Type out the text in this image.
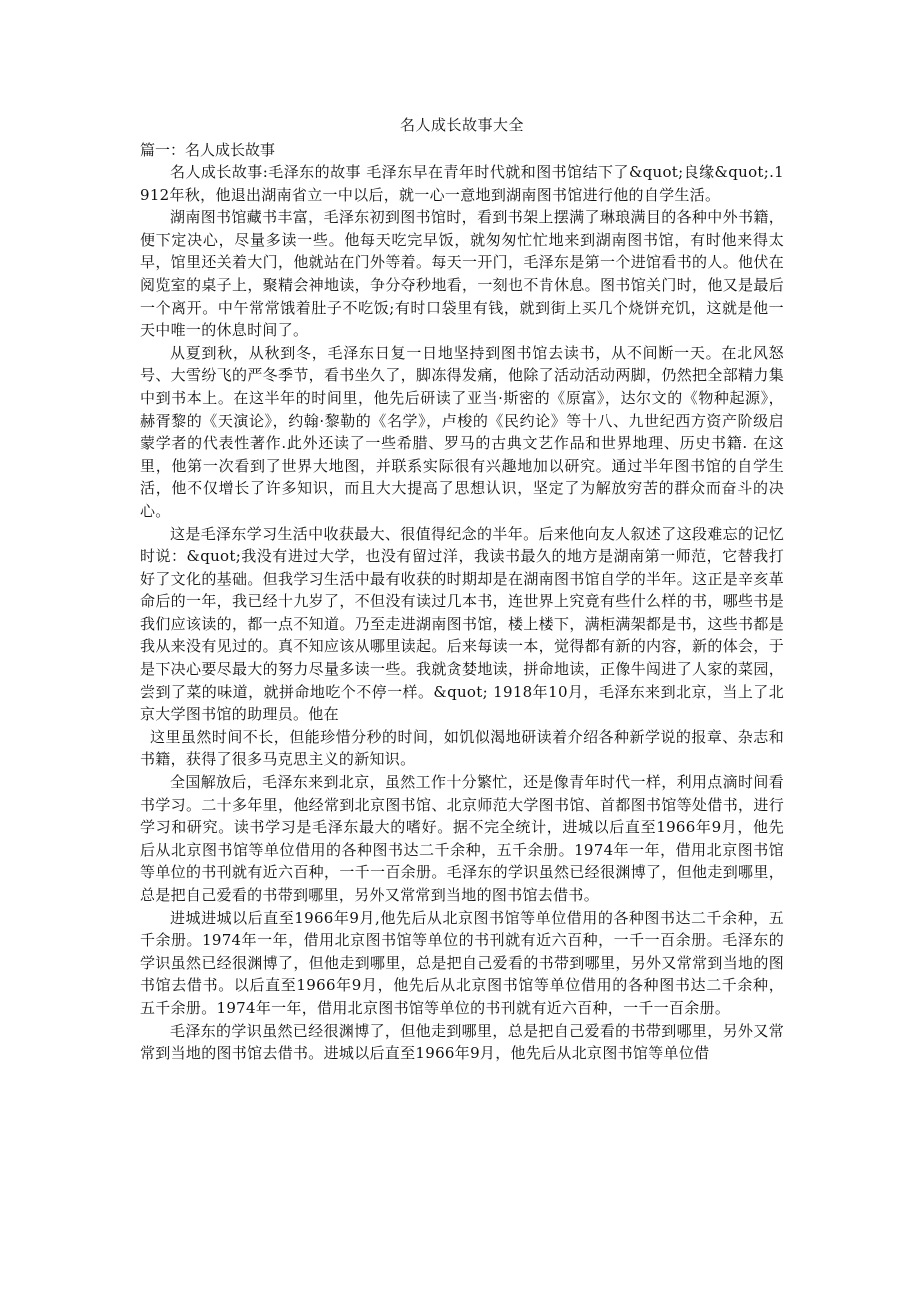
名人成长故事大全
篇一：名人成长故事

名人成长故事:毛泽东的故事 毛泽东早在青年时代就和图书馆结下了&quot;良缘&quot;.1912年秋，他退出湖南省立一中以后，就一心一意地到湖南图书馆进行他的自学生活。

湖南图书馆藏书丰富，毛泽东初到图书馆时，看到书架上摆满了琳琅满目的各种中外书籍，便下定决心，尽量多读一些。他每天吃完早饭，就匆匆忙忙地来到湖南图书馆，有时他来得太早，馆里还关着大门，他就站在门外等着。每天一开门，毛泽东是第一个进馆看书的人。他伏在阅览室的桌子上，聚精会神地读，争分夺秒地看，一刻也不肯休息。图书馆关门时，他又是最后一个离开。中午常常饿着肚子不吃饭;有时口袋里有钱，就到街上买几个烧饼充饥，这就是他一天中唯一的休息时间了。

从夏到秋，从秋到冬，毛泽东日复一日地坚持到图书馆去读书，从不间断一天。在北风怒号、大雪纷飞的严冬季节，看书坐久了，脚冻得发痛，他除了活动活动两脚，仍然把全部精力集中到书本上。在这半年的时间里，他先后研读了亚当·斯密的《原富》，达尔文的《物种起源》，赫胥黎的《天演论》，约翰·黎勒的《名学》，卢梭的《民约论》等十八、九世纪西方资产阶级启蒙学者的代表性著作.此外还读了一些希腊、罗马的古典文艺作品和世界地理、历史书籍. 在这里，他第一次看到了世界大地图，并联系实际很有兴趣地加以研究。通过半年图书馆的自学生活，他不仅增长了许多知识，而且大大提高了思想认识，坚定了为解放穷苦的群众而奋斗的决心。

这是毛泽东学习生活中收获最大、很值得纪念的半年。后来他向友人叙述了这段难忘的记忆时说：&quot;我没有进过大学，也没有留过洋，我读书最久的地方是湖南第一师范，它替我打好了文化的基础。但我学习生活中最有收获的时期却是在湖南图书馆自学的半年。这正是辛亥革命后的一年，我已经十九岁了，不但没有读过几本书，连世界上究竟有些什么样的书，哪些书是我们应该读的，都一点不知道。乃至走进湖南图书馆，楼上楼下，满柜满架都是书，这些书都是我从来没有见过的。真不知应该从哪里读起。后来每读一本，觉得都有新的内容，新的体会，于是下决心要尽最大的努力尽量多读一些。我就贪婪地读，拼命地读，正像牛闯进了人家的菜园，尝到了菜的味道，就拼命地吃个不停一样。&quot; 1918年10月，毛泽东来到北京，当上了北京大学图书馆的助理员。他在

这里虽然时间不长，但能珍惜分秒的时间，如饥似渴地研读着介绍各种新学说的报章、杂志和书籍，获得了很多马克思主义的新知识。

全国解放后，毛泽东来到北京，虽然工作十分繁忙，还是像青年时代一样，利用点滴时间看书学习。二十多年里，他经常到北京图书馆、北京师范大学图书馆、首都图书馆等处借书，进行学习和研究。读书学习是毛泽东最大的嗜好。据不完全统计，进城以后直至1966年9月，他先后从北京图书馆等单位借用的各种图书达二千余种，五千余册。1974年一年，借用北京图书馆等单位的书刊就有近六百种，一千一百余册。毛泽东的学识虽然已经很渊博了，但他走到哪里，总是把自己爱看的书带到哪里，另外又常常到当地的图书馆去借书。

进城进城以后直至1966年9月,他先后从北京图书馆等单位借用的各种图书达二千余种，五千余册。1974年一年，借用北京图书馆等单位的书刊就有近六百种，一千一百余册。毛泽东的学识虽然已经很渊博了，但他走到哪里，总是把自己爱看的书带到哪里，另外又常常到当地的图书馆去借书。以后直至1966年9月，他先后从北京图书馆等单位借用的各种图书达二千余种，五千余册。1974年一年，借用北京图书馆等单位的书刊就有近六百种，一千一百余册。

毛泽东的学识虽然已经很渊博了，但他走到哪里，总是把自己爱看的书带到哪里，另外又常常到当地的图书馆去借书。进城以后直至1966年9月，他先后从北京图书馆等单位借
